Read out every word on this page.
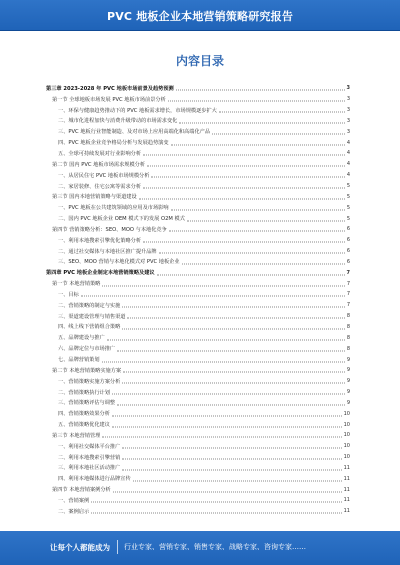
PVC 地板企业本地营销策略研究报告
内容目录
第三章 2023-2028 年 PVC 地板市场前景及趋势预测	3
第一节 全球地板市场发展 PVC 地板市场前景分析	3
一、环保与健康趋势推动下的 PVC 地板需求增长，市场规模逐步扩大	3
二、城市化进程加快与消费升级带动的市场需求变化	3
三、PVC 地板行业智能制造、及对市场上应用高端化和高端化产品	3
四、PVC 地板企业竞争格局分析与发展趋势演变	4
五、全球可持续发展对行业影响分析	4
第二节 国内 PVC 地板市场需求规模分析	4
一、从居民住宅 PVC 地板市场规模分析	4
二、家居装修、住宅公寓等需求分析	5
第三节 国内本地营销策略与渠道建设	5
一、PVC 地板在公共建筑领域的应用及市场影响	5
二、国内 PVC 地板企业 OEM 模式下的发展 O2M 模式	5
第四节 营销策略分析：SEO、MOO 与本地化竞争	6
一、利用本地搜索引擎优化策略分析	6
二、通过社交媒体与本地社区推广提升品牌	6
三、SEO、MOO 营销与本地化模式对 PVC 地板企业	6
第四章 PVC 地板企业制定本地营销策略及建议	7
第一节 本地营销策略	7
一、目标	7
二、营销策略的制定与实施	7
三、渠道建设管理与销售渠道	8
四、线上线下营销组合策略	8
五、品牌建设与推广	8
六、品牌定位与市场推广	8
七、品牌营销策划	9
第二节 本地营销策略实施方案	9
一、营销策略实施方案分析	9
二、营销策略执行计划	9
三、营销策略评估与调整	9
四、营销策略效果分析	10
五、营销策略优化建议	10
第三节 本地营销管理	10
一、利用社交媒体平台推广	10
二、利用本地搜索引擎营销	10
三、利用本地社区活动推广	11
四、利用本地媒体进行品牌宣传	11
第四节 本地营销案例分析	11
一、营销案例	11
二、案例启示	11
让每个人都能成为 行业专家、营销专家、销售专家、战略专家、咨询专家……
